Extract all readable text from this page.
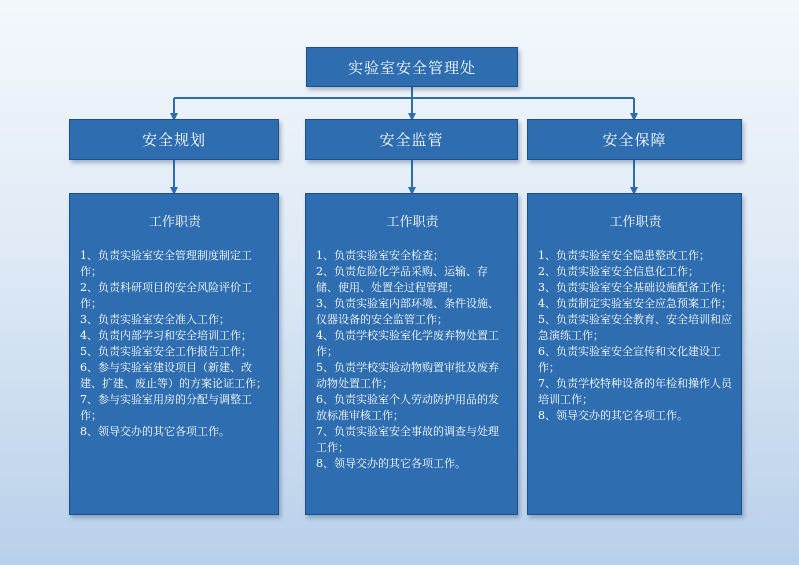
实验室安全管理处
安全规划	安全监管	安全保障
工作职责
1、负责实验室安全管理制度制定工作；
2、负责科研项目的安全风险评价工作；
3、负责实验室安全准入工作；
4、负责内部学习和安全培训工作；
5、负责实验室安全工作报告工作；
6、参与实验室建设项目（新建、改建、扩建、废止等）的方案论证工作；
7、参与实验室用房的分配与调整工作；
8、领导交办的其它各项工作。
工作职责
1、负责实验室安全检查；
2、负责危险化学品采购、运输、存储、使用、处置全过程管理；
3、负责实验室内部环境、条件设施、仪器设备的安全监管工作；
4、负责学校实验室化学废弃物处置工作；
5、负责学校实验动物购置审批及废弃动物处置工作；
6、负责实验室个人劳动防护用品的发放标准审核工作；
7、负责实验室安全事故的调查与处理工作；
8、领导交办的其它各项工作。
工作职责
1、负责实验室安全隐患整改工作；
2、负责实验室安全信息化工作；
3、负责实验室安全基础设施配备工作；
4、负责制定实验室安全应急预案工作；
5、负责实验室安全教育、安全培训和应急演练工作；
6、负责实验室安全宣传和文化建设工作；
7、负责学校特种设备的年检和操作人员培训工作；
8、领导交办的其它各项工作。
